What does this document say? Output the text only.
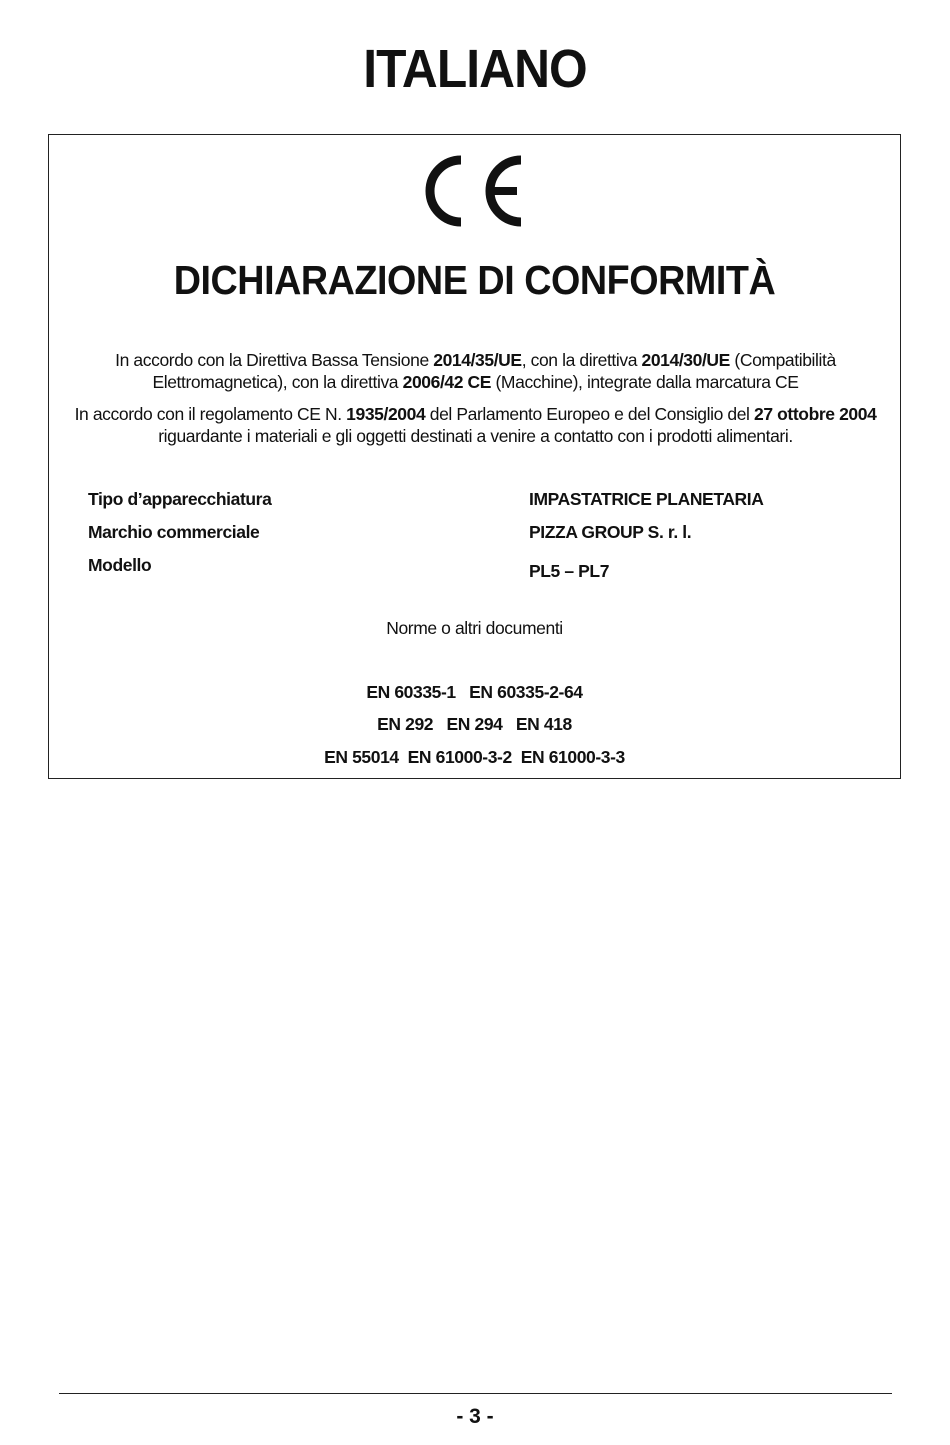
ITALIANO
DICHIARAZIONE DI CONFORMITÀ

In accordo con la Direttiva Bassa Tensione 2014/35/UE, con la direttiva 2014/30/UE (Compatibilità Elettromagnetica), con la direttiva 2006/42 CE (Macchine), integrate dalla marcatura CE

In accordo con il regolamento CE N. 1935/2004 del Parlamento Europeo e del Consiglio del 27 ottobre 2004 riguardante i materiali e gli oggetti destinati a venire a contatto con i prodotti alimentari.

Tipo d’apparecchiatura	IMPASTATRICE PLANETARIA

Marchio commerciale	PIZZA GROUP S. r. l.

Modello	PL5 – PL7

Norme o altri documenti

EN 60335-1   EN 60335-2-64

EN 292   EN 294   EN 418

EN 55014  EN 61000-3-2  EN 61000-3-3

- 3 -
